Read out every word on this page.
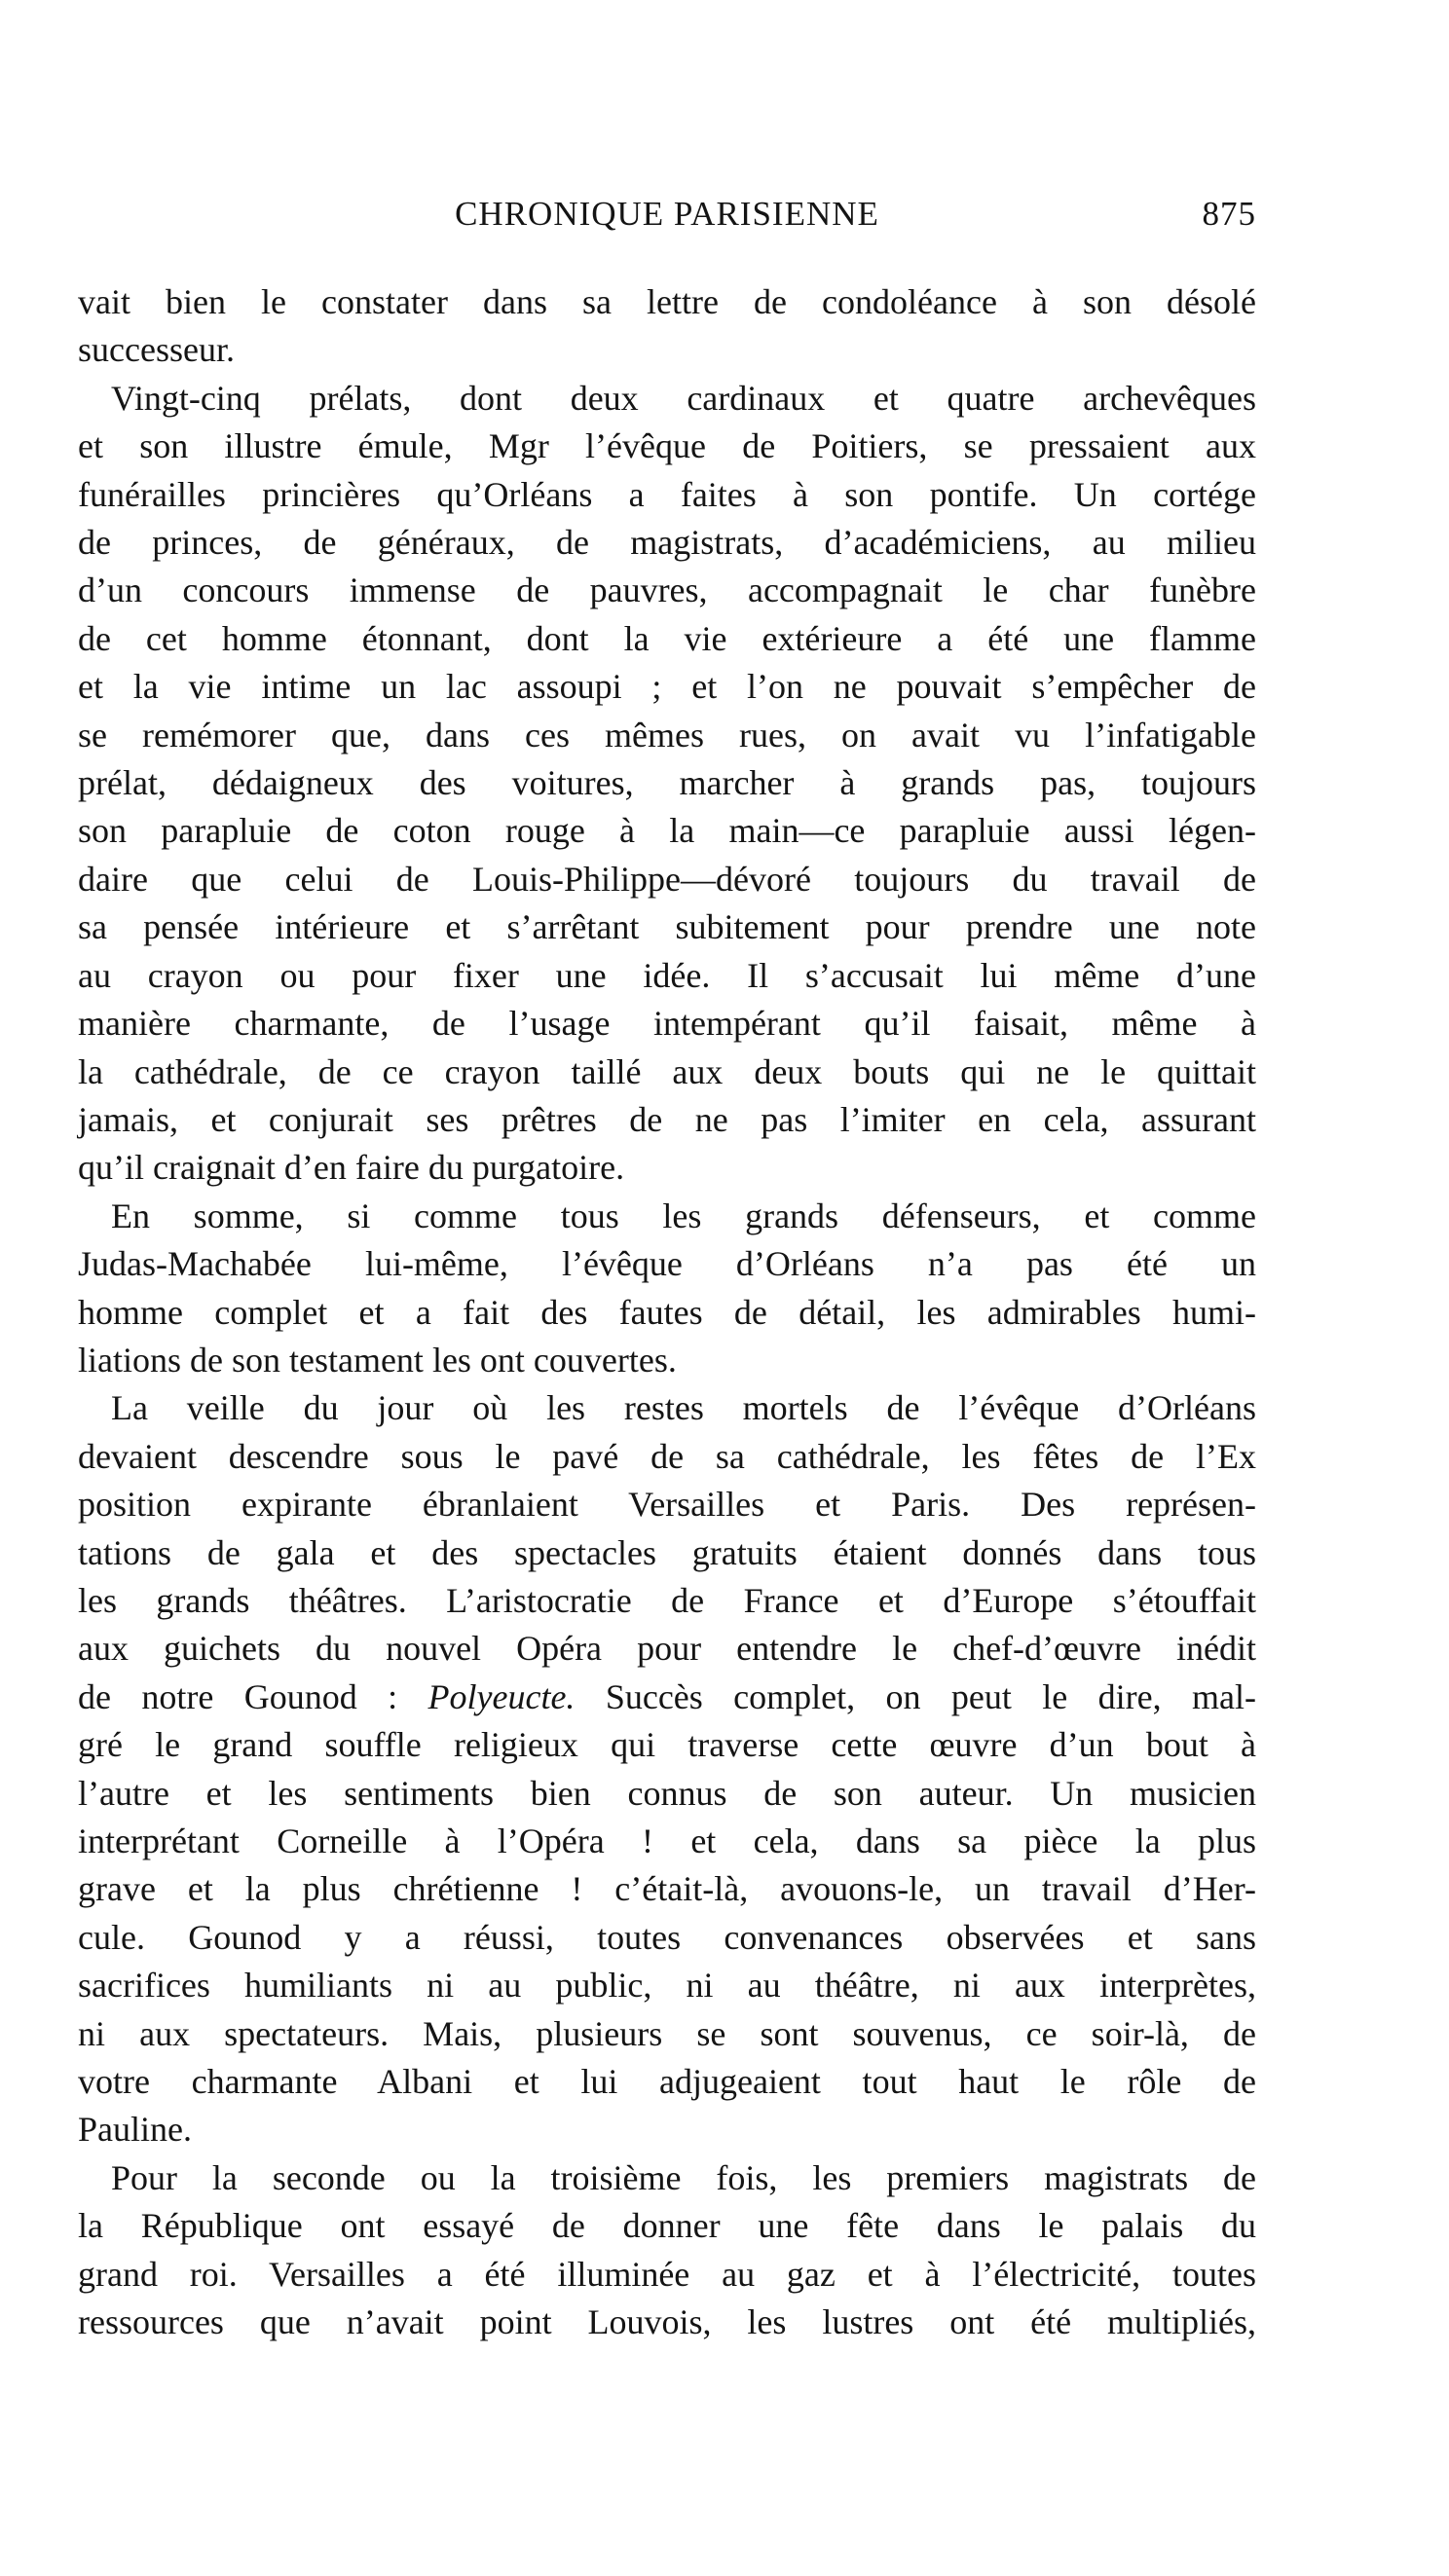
CHRONIQUE PARISIENNE	875

vait bien le constater dans sa lettre de condoléance à son désolé
successeur.

Vingt-cinq prélats, dont deux cardinaux et quatre archevêques
et son illustre émule, Mgr l’évêque de Poitiers, se pressaient aux
funérailles princières qu’Orléans a faites à son pontife. Un cortége
de princes, de généraux, de magistrats, d’académiciens, au milieu
d’un concours immense de pauvres, accompagnait le char funèbre
de cet homme étonnant, dont la vie extérieure a été une flamme
et la vie intime un lac assoupi ; et l’on ne pouvait s’empêcher de
se remémorer que, dans ces mêmes rues, on avait vu l’infatigable
prélat, dédaigneux des voitures, marcher à grands pas, toujours
son parapluie de coton rouge à la main—ce parapluie aussi légen-
daire que celui de Louis-Philippe—dévoré toujours du travail de
sa pensée intérieure et s’arrêtant subitement pour prendre une note
au crayon ou pour fixer une idée. Il s’accusait lui même d’une
manière charmante, de l’usage intempérant qu’il faisait, même à
la cathédrale, de ce crayon taillé aux deux bouts qui ne le quittait
jamais, et conjurait ses prêtres de ne pas l’imiter en cela, assurant
qu’il craignait d’en faire du purgatoire.

En somme, si comme tous les grands défenseurs, et comme
Judas-Machabée lui-même, l’évêque d’Orléans n’a pas été un
homme complet et a fait des fautes de détail, les admirables humi-
liations de son testament les ont couvertes.

La veille du jour où les restes mortels de l’évêque d’Orléans
devaient descendre sous le pavé de sa cathédrale, les fêtes de l’Ex
position expirante ébranlaient Versailles et Paris. Des représen-
tations de gala et des spectacles gratuits étaient donnés dans tous
les grands théâtres. L’aristocratie de France et d’Europe s’étouffait
aux guichets du nouvel Opéra pour entendre le chef-d’œuvre inédit
de notre Gounod : Polyeucte. Succès complet, on peut le dire, mal-
gré le grand souffle religieux qui traverse cette œuvre d’un bout à
l’autre et les sentiments bien connus de son auteur. Un musicien
interprétant Corneille à l’Opéra ! et cela, dans sa pièce la plus
grave et la plus chrétienne ! c’était-là, avouons-le, un travail d’Her-
cule. Gounod y a réussi, toutes convenances observées et sans
sacrifices humiliants ni au public, ni au théâtre, ni aux interprètes,
ni aux spectateurs. Mais, plusieurs se sont souvenus, ce soir-là, de
votre charmante Albani et lui adjugeaient tout haut le rôle de
Pauline.

Pour la seconde ou la troisième fois, les premiers magistrats de
la République ont essayé de donner une fête dans le palais du
grand roi. Versailles a été illuminée au gaz et à l’électricité, toutes
ressources que n’avait point Louvois, les lustres ont été multipliés,
